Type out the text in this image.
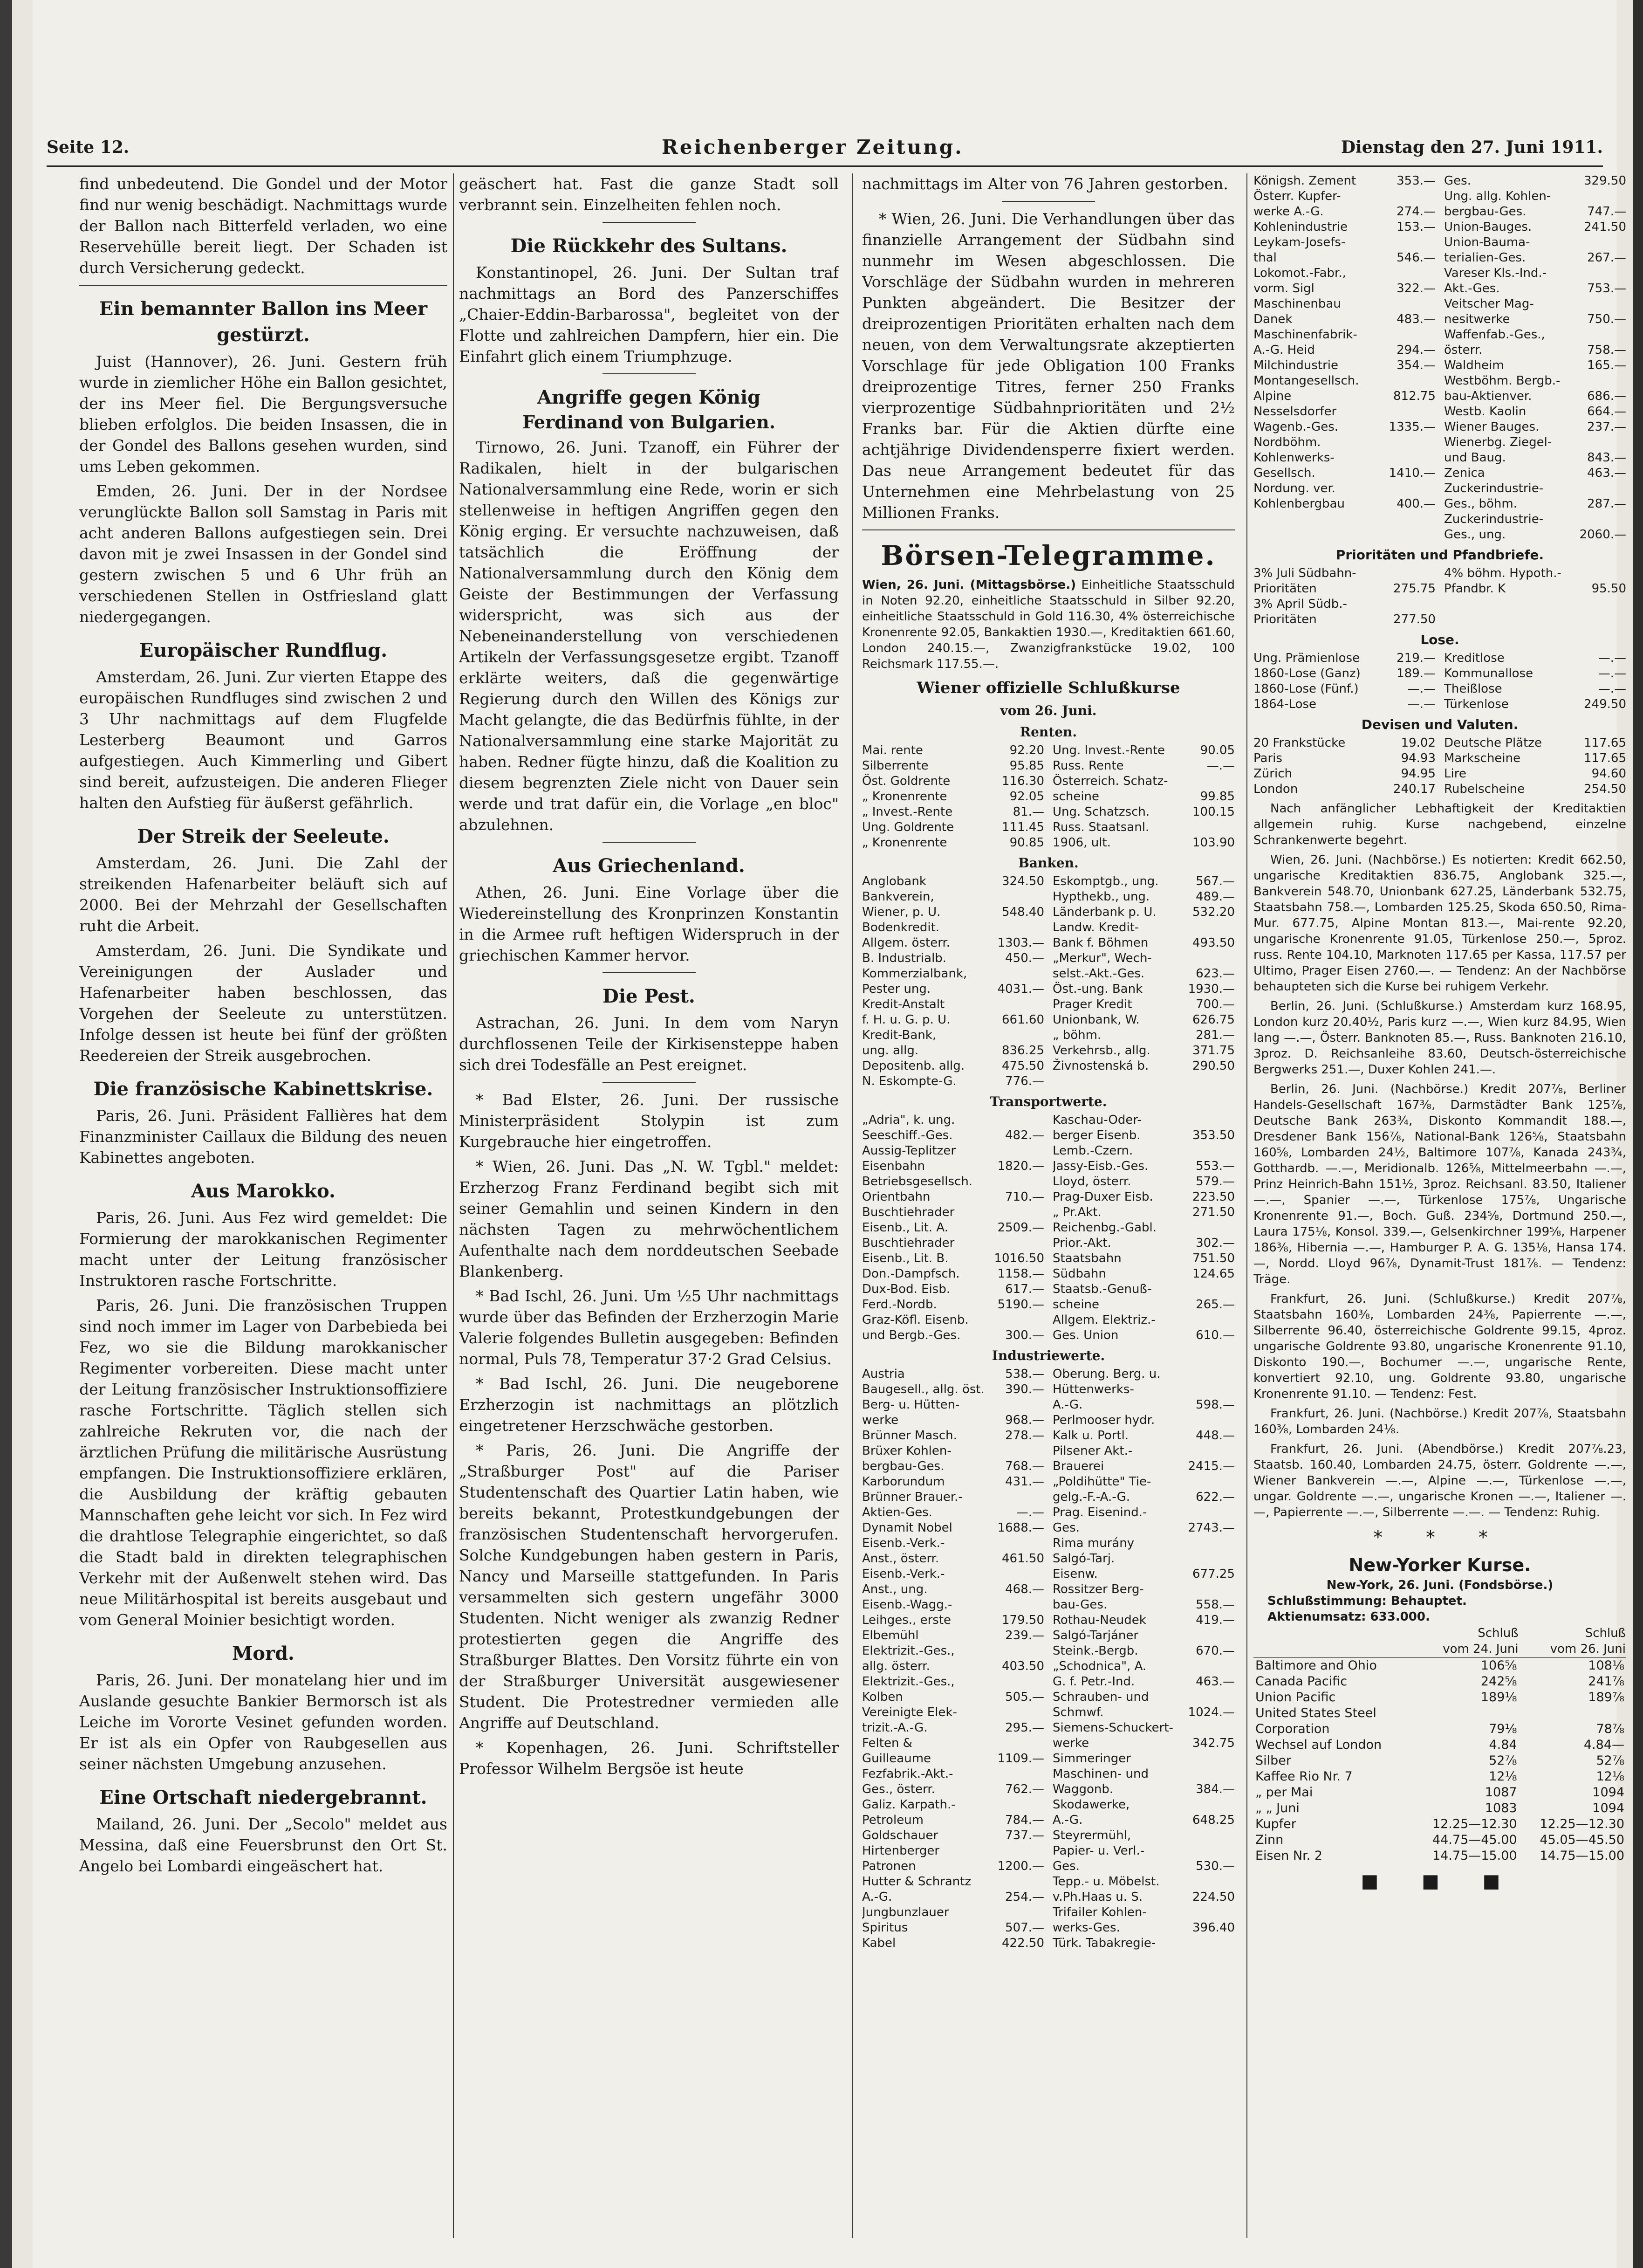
Seite 12.	Reichenberger Zeitung.	Dienstag den 27. Juni 1911.

find unbedeutend. Die Gondel und der Motor find nur wenig beschädigt. Nachmittags wurde der Ballon nach Bitterfeld verladen, wo eine Reservehülle bereit liegt. Der Schaden ist durch Versicherung gedeckt.

Ein bemannter Ballon ins Meer gestürzt.

Juist (Hannover), 26. Juni. Gestern früh wurde in ziemlicher Höhe ein Ballon gesichtet, der ins Meer fiel. Die Bergungsversuche blieben erfolglos. Die beiden Insassen, die in der Gondel des Ballons gesehen wurden, sind ums Leben gekommen.

Emden, 26. Juni. Der in der Nordsee verunglückte Ballon soll Samstag in Paris mit acht anderen Ballons aufgestiegen sein. Drei davon mit je zwei Insassen in der Gondel sind gestern zwischen 5 und 6 Uhr früh an verschiedenen Stellen in Ostfriesland glatt niedergegangen.

Europäischer Rundflug.

Amsterdam, 26. Juni. Zur vierten Etappe des europäischen Rundfluges sind zwischen 2 und 3 Uhr nachmittags auf dem Flugfelde Lesterberg Beaumont und Garros aufgestiegen. Auch Kimmerling und Gibert sind bereit, aufzusteigen. Die anderen Flieger halten den Aufstieg für äußerst gefährlich.

Der Streik der Seeleute.

Amsterdam, 26. Juni. Die Zahl der streikenden Hafenarbeiter beläuft sich auf 2000. Bei der Mehrzahl der Gesellschaften ruht die Arbeit.

Amsterdam, 26. Juni. Die Syndikate und Vereinigungen der Auslader und Hafenarbeiter haben beschlossen, das Vorgehen der Seeleute zu unterstützen. Infolge dessen ist heute bei fünf der größten Reedereien der Streik ausgebrochen.

Die französische Kabinettskrise.

Paris, 26. Juni. Präsident Fallières hat dem Finanzminister Caillaux die Bildung des neuen Kabinettes angeboten.

Aus Marokko.

Paris, 26. Juni. Aus Fez wird gemeldet: Die Formierung der marokkanischen Regimenter macht unter der Leitung französischer Instruktoren rasche Fortschritte.

Paris, 26. Juni. Die französischen Truppen sind noch immer im Lager von Darbebieda bei Fez, wo sie die Bildung marokkanischer Regimenter vorbereiten. Diese macht unter der Leitung französischer Instruktionsoffiziere rasche Fortschritte. Täglich stellen sich zahlreiche Rekruten vor, die nach der ärztlichen Prüfung die militärische Ausrüstung empfangen. Die Instruktionsoffiziere erklären, die Ausbildung der kräftig gebauten Mannschaften gehe leicht vor sich. In Fez wird die drahtlose Telegraphie eingerichtet, so daß die Stadt bald in direkten telegraphischen Verkehr mit der Außenwelt stehen wird. Das neue Militärhospital ist bereits ausgebaut und vom General Moinier besichtigt worden.

Mord.

Paris, 26. Juni. Der monatelang hier und im Auslande gesuchte Bankier Bermorsch ist als Leiche im Vororte Vesinet gefunden worden. Er ist als ein Opfer von Raubgesellen aus seiner nächsten Umgebung anzusehen.

Eine Ortschaft niedergebrannt.

Mailand, 26. Juni. Der „Secolo" meldet aus Messina, daß eine Feuersbrunst den Ort St. Angelo bei Lombardi eingeäschert hat.

geäschert hat. Fast die ganze Stadt soll verbrannt sein. Einzelheiten fehlen noch.

Die Rückkehr des Sultans.

Konstantinopel, 26. Juni. Der Sultan traf nachmittags an Bord des Panzerschiffes „Chaier-Eddin-Barbarossa", begleitet von der Flotte und zahlreichen Dampfern, hier ein. Die Einfahrt glich einem Triumphzuge.

Angriffe gegen König
Ferdinand von Bulgarien.

Tirnowo, 26. Juni. Tzanoff, ein Führer der Radikalen, hielt in der bulgarischen Nationalversammlung eine Rede, worin er sich stellenweise in heftigen Angriffen gegen den König erging. Er versuchte nachzuweisen, daß tatsächlich die Eröffnung der Nationalversammlung durch den König dem Geiste der Bestimmungen der Verfassung widerspricht, was sich aus der Nebeneinanderstellung von verschiedenen Artikeln der Verfassungsgesetze ergibt. Tzanoff erklärte weiters, daß die gegenwärtige Regierung durch den Willen des Königs zur Macht gelangte, die das Bedürfnis fühlte, in der Nationalversammlung eine starke Majorität zu haben. Redner fügte hinzu, daß die Koalition zu diesem begrenzten Ziele nicht von Dauer sein werde und trat dafür ein, die Vorlage „en bloc" abzulehnen.

Aus Griechenland.

Athen, 26. Juni. Eine Vorlage über die Wiedereinstellung des Kronprinzen Konstantin in die Armee ruft heftigen Widerspruch in der griechischen Kammer hervor.

Die Pest.

Astrachan, 26. Juni. In dem vom Naryn durchflossenen Teile der Kirkisensteppe haben sich drei Todesfälle an Pest ereignet.

* Bad Elster, 26. Juni. Der russische Ministerpräsident Stolypin ist zum Kurgebrauche hier eingetroffen.

* Wien, 26. Juni. Das „N. W. Tgbl." meldet: Erzherzog Franz Ferdinand begibt sich mit seiner Gemahlin und seinen Kindern in den nächsten Tagen zu mehrwöchentlichem Aufenthalte nach dem norddeutschen Seebade Blankenberg.

* Bad Ischl, 26. Juni. Um ½5 Uhr nachmittags wurde über das Befinden der Erzherzogin Marie Valerie folgendes Bulletin ausgegeben: Befinden normal, Puls 78, Temperatur 37·2 Grad Celsius.

* Bad Ischl, 26. Juni. Die neugeborene Erzherzogin ist nachmittags an plötzlich eingetretener Herzschwäche gestorben.

* Paris, 26. Juni. Die Angriffe der „Straßburger Post" auf die Pariser Studentenschaft des Quartier Latin haben, wie bereits bekannt, Protestkundgebungen der französischen Studentenschaft hervorgerufen. Solche Kundgebungen haben gestern in Paris, Nancy und Marseille stattgefunden. In Paris versammelten sich gestern ungefähr 3000 Studenten. Nicht weniger als zwanzig Redner protestierten gegen die Angriffe des Straßburger Blattes. Den Vorsitz führte ein von der Straßburger Universität ausgewiesener Student. Die Protestredner vermieden alle Angriffe auf Deutschland.

* Kopenhagen, 26. Juni. Schriftsteller Professor Wilhelm Bergsöe ist heute

nachmittags im Alter von 76 Jahren gestorben.

* Wien, 26. Juni. Die Verhandlungen über das finanzielle Arrangement der Südbahn sind nunmehr im Wesen abgeschlossen. Die Vorschläge der Südbahn wurden in mehreren Punkten abgeändert. Die Besitzer der dreiprozentigen Prioritäten erhalten nach dem neuen, von dem Verwaltungsrate akzeptierten Vorschlage für jede Obligation 100 Franks dreiprozentige Titres, ferner 250 Franks vierprozentige Südbahnprioritäten und 2½ Franks bar. Für die Aktien dürfte eine achtjährige Dividendensperre fixiert werden. Das neue Arrangement bedeutet für das Unternehmen eine Mehrbelastung von 25 Millionen Franks.

Börsen-Telegramme.
Wien, 26. Juni. (Mittagsbörse.) Einheitliche Staatsschuld in Noten 92.20, einheitliche Staatsschuld in Silber 92.20, einheitliche Staatsschuld in Gold 116.30, 4% österreichische Kronenrente 92.05, Bankaktien 1930.—, Kreditaktien 661.60, London 240.15.—, Zwanzigfrankstücke 19.02, 100 Reichsmark 117.55.—.
Wiener offizielle Schlußkurse
vom 26. Juni.
Renten.
Mai. rente	92.20 Ung. Invest.-Rente	90.05
Silberrente	95.85 Russ. Rente	—.—
Öst. Goldrente	116.30 Österreich. Schatz-
„ Kronenrente	92.05 scheine	99.85
„ Invest.-Rente	81.— Ung. Schatzsch.	100.15
Ung. Goldrente	111.45 Russ. Staatsanl.
„ Kronenrente	90.85 1906, ult.	103.90
Banken.
Anglobank	324.50 Eskomptgb., ung.	567.—
Bankverein,	Hypthekb., ung.	489.—
Wiener, p. U.	548.40 Länderbank p. U.	532.20
Bodenkredit.	Landw. Kredit-
Allgem. österr.	1303.— Bank f. Böhmen	493.50
B. Industrialb.	450.— „Merkur", Wech-
Kommerzialbank,	selst.-Akt.-Ges.	623.—
Pester ung.	4031.— Öst.-ung. Bank	1930.—
Kredit-Anstalt	Prager Kredit	700.—
f. H. u. G. p. U.	661.60 Unionbank, W.	626.75
Kredit-Bank,	„ böhm.	281.—
ung. allg.	836.25 Verkehrsb., allg.	371.75
Depositenb. allg.	475.50 Živnostenská b.	290.50
N. Eskompte-G.	776.—
Transportwerte.
„Adria", k. ung.	Kaschau-Oder-
Seeschiff.-Ges.	482.— berger Eisenb.	353.50
Aussig-Teplitzer	Lemb.-Czern.
Eisenbahn	1820.— Jassy-Eisb.-Ges.	553.—
Betriebsgesellsch.	Lloyd, österr.	579.—
Orientbahn	710.— Prag-Duxer Eisb.	223.50
Buschtiehrader	„ Pr.Akt.	271.50
Eisenb., Lit. A.	2509.— Reichenbg.-Gabl.
Buschtiehrader	Prior.-Akt.	302.—
Eisenb., Lit. B.	1016.50 Staatsbahn	751.50
Don.-Dampfsch.	1158.— Südbahn	124.65
Dux-Bod. Eisb.	617.— Staatsb.-Genuß-
Ferd.-Nordb.	5190.— scheine	265.—
Graz-Köfl. Eisenb.	Allgem. Elektriz.-
und Bergb.-Ges.	300.— Ges. Union	610.—
Industriewerte.
Austria	538.— Oberung. Berg. u.
Baugesell., allg. öst. 390.— Hüttenwerks-
Berg- u. Hütten-	A.-G.	598.—
werke	968.— Perlmooser hydr.
Brünner Masch.	278.— Kalk u. Portl.	448.—
Brüxer Kohlen-	Pilsener Akt.-
bergbau-Ges.	768.— Brauerei	2415.—
Karborundum	431.— „Poldihütte" Tie-
Brünner Brauer.-	gelg.-F.-A.-G.	622.—
Aktien-Ges.	—.— Prag. Eisenind.-
Dynamit Nobel	1688.— Ges.	2743.—
Eisenb.-Verk.-	Rima murány
Anst., österr.	461.50 Salgó-Tarj.
Eisenb.-Verk.-	Eisenw.	677.25
Anst., ung.	468.— Rossitzer Berg-
Eisenb.-Wagg.-	bau-Ges.	558.—
Leihges., erste	179.50 Rothau-Neudek	419.—
Elbemühl	239.— Salgó-Tarjáner
Elektrizit.-Ges.,	Steink.-Bergb.	670.—
allg. österr.	403.50 „Schodnica", A.
Elektrizit.-Ges.,	G. f. Petr.-Ind.	463.—
Kolben	505.— Schrauben- und
Vereinigte Elek-	Schmwf.	1024.—
trizit.-A.-G.	295.— Siemens-Schuckert-
Felten &	werke	342.75
Guilleaume	1109.— Simmeringer
Fezfabrik.-Akt.-	Maschinen- und
Ges., österr.	762.— Waggonb.	384.—
Galiz. Karpath.-	Skodawerke,
Petroleum	784.— A.-G.	648.25
Goldschauer	737.— Steyrermühl,
Hirtenberger	Papier- u. Verl.-
Patronen	1200.— Ges.	530.—
Hutter & Schrantz	Tepp.- u. Möbelst.
A.-G.	254.— v.Ph.Haas u. S.	224.50
Jungbunzlauer	Trifailer Kohlen-
Spiritus	507.— werks-Ges.	396.40
Kabel	422.50 Türk. Tabakregie-
Königsh. Zement	353.— Ges.	329.50
Österr. Kupfer-	Ung. allg. Kohlen-
werke A.-G.	274.— bergbau-Ges.	747.—
Kohlenindustrie	153.— Union-Bauges.	241.50
Leykam-Josefs-	Union-Bauma-
thal	546.— terialien-Ges.	267.—
Lokomot.-Fabr.,	Vareser Kls.-Ind.-
vorm. Sigl	322.— Akt.-Ges.	753.—
Maschinenbau	Veitscher Mag-
Danek	483.— nesitwerke	750.—
Maschinenfabrik-	Waffenfab.-Ges.,
A.-G. Heid	294.— österr.	758.—
Milchindustrie	354.— Waldheim	165.—
Montangesellsch.	Westböhm. Bergb.-
Alpine	812.75 bau-Aktienver.	686.—
Nesselsdorfer	Westb. Kaolin	664.—
Wagenb.-Ges.	1335.— Wiener Bauges.	237.—
Nordböhm.	Wienerbg. Ziegel-
Kohlenwerks-	und Baug.	843.—
Gesellsch.	1410.— Zenica	463.—
Nordung. ver.	Zuckerindustrie-
Kohlenbergbau	400.— Ges., böhm.	287.—
Zuckerindustrie-
Ges., ung.	2060.—
Prioritäten und Pfandbriefe.
3% Juli Südbahn-	4% böhm. Hypoth.-
Prioritäten	275.75 Pfandbr. K	95.50
3% April Südb.-
Prioritäten	277.50
Lose.
Ung. Prämienlose	219.— Kreditlose	—.—
1860-Lose (Ganz)	189.— Kommunallose	—.—
1860-Lose (Fünf.)	—.— Theißlose	—.—
1864-Lose	—.— Türkenlose	249.50
Devisen und Valuten.
20 Frankstücke	19.02 Deutsche Plätze	117.65
Paris	94.93 Markscheine	117.65
Zürich	94.95 Lire	94.60
London	240.17 Rubelscheine	254.50

Nach anfänglicher Lebhaftigkeit der Kreditaktien allgemein ruhig. Kurse nachgebend, einzelne Schrankenwerte begehrt.

Wien, 26. Juni. (Nachbörse.) Es notierten: Kredit 662.50, ungarische Kreditaktien 836.75, Anglobank 325.—, Bankverein 548.70, Unionbank 627.25, Länderbank 532.75, Staatsbahn 758.—, Lombarden 125.25, Skoda 650.50, Rima-Mur. 677.75, Alpine Montan 813.—, Mai-rente 92.20, ungarische Kronenrente 91.05, Türkenlose 250.—, 5proz. russ. Rente 104.10, Marknoten 117.65 per Kassa, 117.57 per Ultimo, Prager Eisen 2760.—. — Tendenz: An der Nachbörse behaupteten sich die Kurse bei ruhigem Verkehr.

Berlin, 26. Juni. (Schlußkurse.) Amsterdam kurz 168.95, London kurz 20.40½, Paris kurz —.—, Wien kurz 84.95, Wien lang —.—, Österr. Banknoten 85.—, Russ. Banknoten 216.10, 3proz. D. Reichsanleihe 83.60, Deutsch-österreichische Bergwerks 251.—, Duxer Kohlen 241.—.

Berlin, 26. Juni. (Nachbörse.) Kredit 207⅞, Berliner Handels-Gesellschaft 167⅜, Darmstädter Bank 125⅞, Deutsche Bank 263¾, Diskonto Kommandit 188.—, Dresdener Bank 156⅞, National-Bank 126⅝, Staatsbahn 160⅝, Lombarden 24½, Baltimore 107⅞, Kanada 243¾, Gotthardb. —.—, Meridionalb. 126⅝, Mittelmeerbahn —.—, Prinz Heinrich-Bahn 151½, 3proz. Reichsanl. 83.50, Italiener —.—, Spanier —.—, Türkenlose 175⅞, Ungarische Kronenrente 91.—, Boch. Guß. 234⅝, Dortmund 250.—, Laura 175⅛, Konsol. 339.—, Gelsenkirchner 199⅝, Harpener 186⅜, Hibernia —.—, Hamburger P. A. G. 135⅛, Hansa 174.—, Nordd. Lloyd 96⅞, Dynamit-Trust 181⅞. — Tendenz: Träge.

Frankfurt, 26. Juni. (Schlußkurse.) Kredit 207⅞, Staatsbahn 160⅜, Lombarden 24⅜, Papierrente —.—, Silberrente 96.40, österreichische Goldrente 99.15, 4proz. ungarische Goldrente 93.80, ungarische Kronenrente 91.10, Diskonto 190.—, Bochumer —.—, ungarische Rente, konvertiert 92.10, ung. Goldrente 93.80, ungarische Kronenrente 91.10. — Tendenz: Fest.

Frankfurt, 26. Juni. (Nachbörse.) Kredit 207⅞, Staatsbahn 160⅜, Lombarden 24⅛.

Frankfurt, 26. Juni. (Abendbörse.) Kredit 207⅞.23, Staatsb. 160.40, Lombarden 24.75, österr. Goldrente —.—, Wiener Bankverein —.—, Alpine —.—, Türkenlose —.—, ungar. Goldrente —.—, ungarische Kronen —.—, Italiener —.—, Papierrente —.—, Silberrente —.—. — Tendenz: Ruhig.

* * *
New-Yorker Kurse.
New-York, 26. Juni. (Fondsbörse.)
Schlußstimmung: Behauptet.
Aktienumsatz: 633.000.
	Schluß
vom 24. Juni	Schluß
vom 26. Juni
Baltimore and Ohio	106⅝	108⅛
Canada Pacific	242⅝	241⅞
Union Pacific	189⅛	189⅞
United States Steel		
Corporation	79⅛	78⅞
Wechsel auf London	4.84	4.84—
Silber	52⅞	52⅞
Kaffee Rio Nr. 7	12⅛	12⅛
„ per Mai	1087	1094
„ „ Juni	1083	1094
Kupfer	12.25—12.30	12.25—12.30
Zinn	44.75—45.00	45.05—45.50
Eisen Nr. 2	14.75—15.00	14.75—15.00
■ ■ ■
